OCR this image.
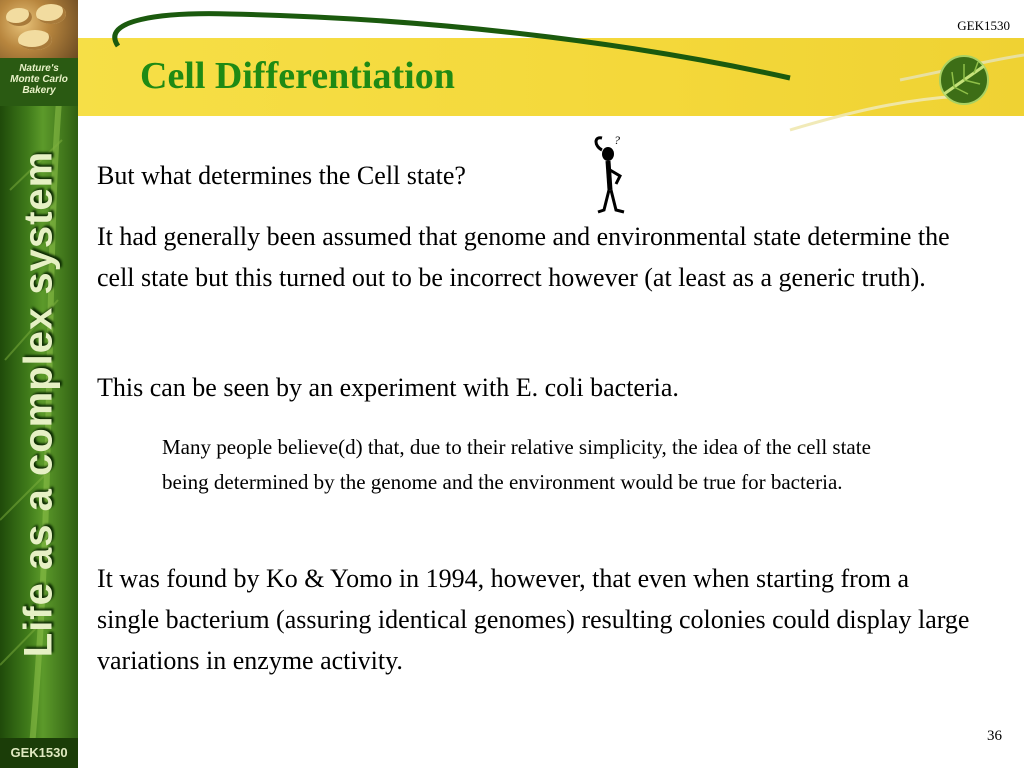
Nature's
Monte Carlo
Bakery
Life as a complex system
GEK1530
GEK1530
Cell Differentiation

But what determines the Cell state?

?

It had generally been assumed that genome and environmental state determine the cell state but this turned out to be incorrect however (at least as a generic truth).

This can be seen by an experiment with E. coli bacteria.

Many people believe(d) that, due to their relative simplicity, the idea of the cell state being determined by the genome and the environment would be true for bacteria.

It was found by Ko & Yomo in 1994, however, that even when starting from a single bacterium (assuring identical genomes) resulting colonies could display large variations in enzyme activity.

36
